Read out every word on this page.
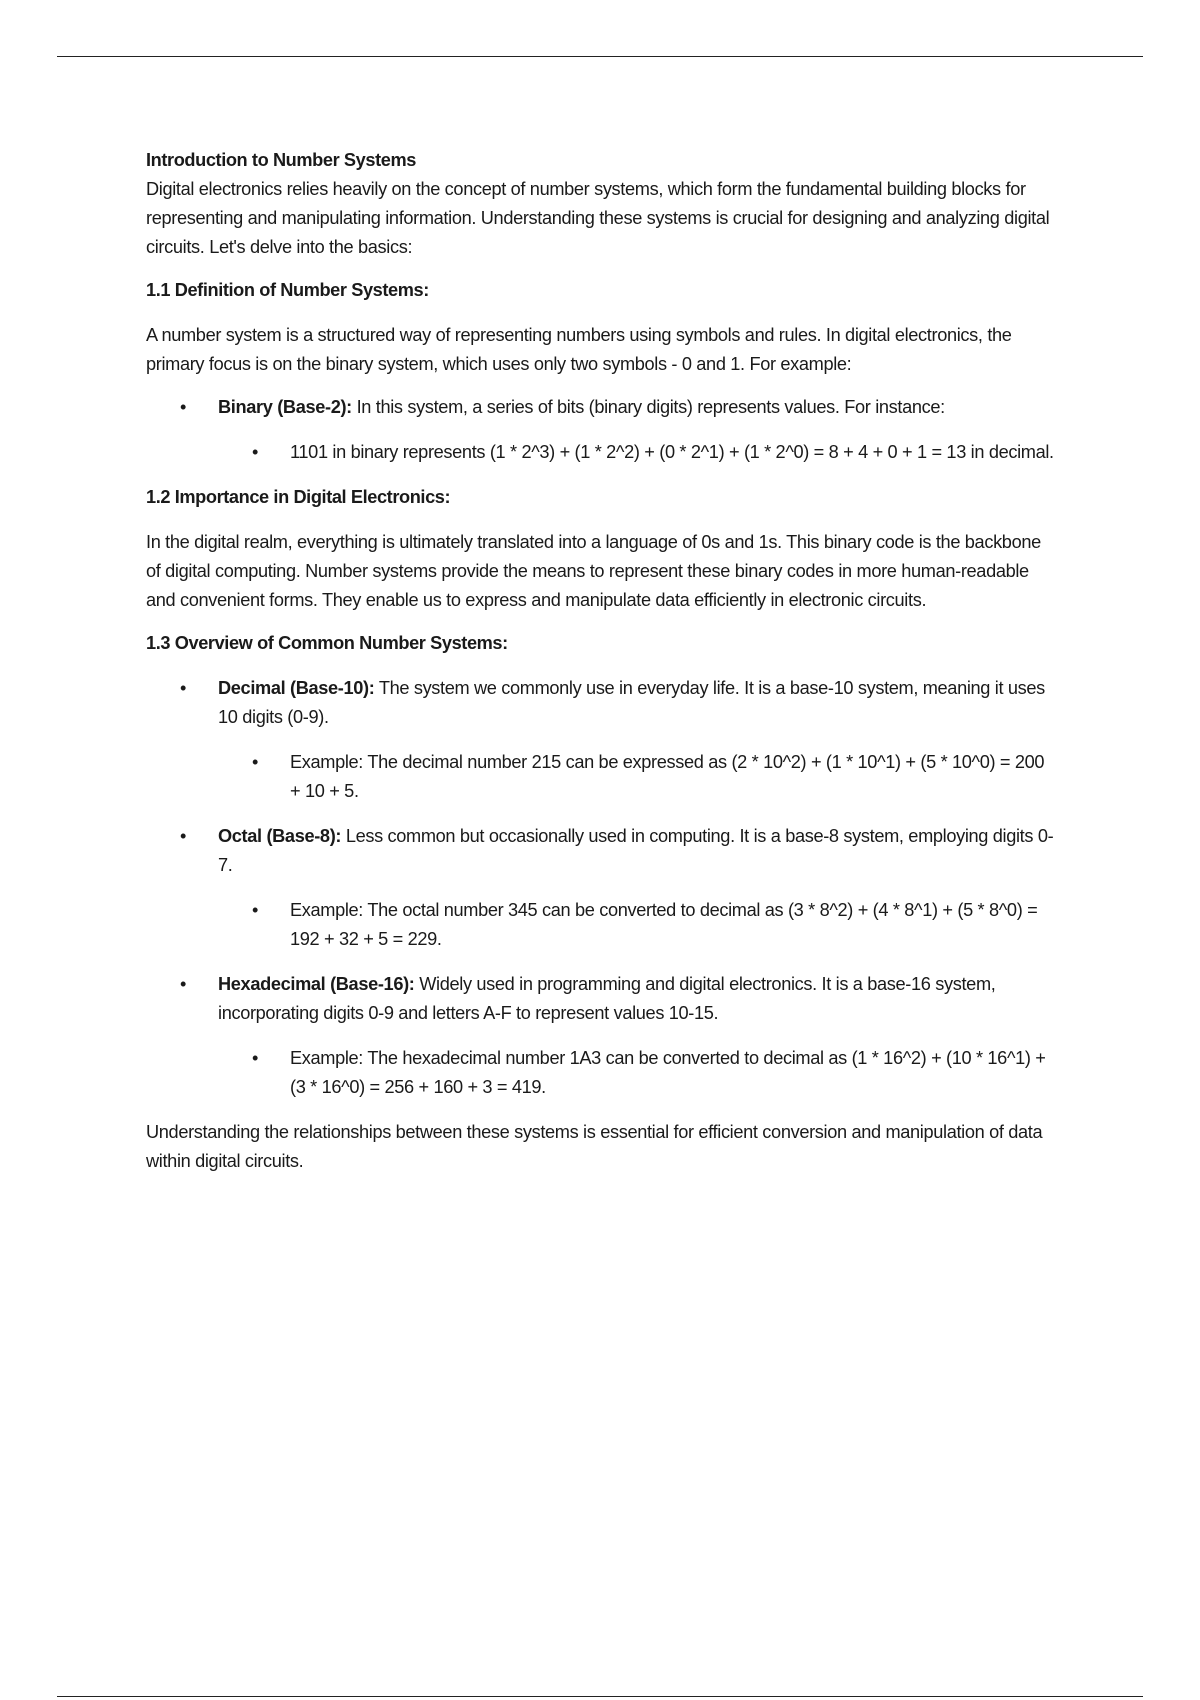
Introduction to Number Systems

Digital electronics relies heavily on the concept of number systems, which form the fundamental building blocks for representing and manipulating information. Understanding these systems is crucial for designing and analyzing digital circuits. Let's delve into the basics:

1.1 Definition of Number Systems:

A number system is a structured way of representing numbers using symbols and rules. In digital electronics, the primary focus is on the binary system, which uses only two symbols - 0 and 1. For example:

• Binary (Base-2): In this system, a series of bits (binary digits) represents values. For instance:
• 1101 in binary represents (1 * 2^3) + (1 * 2^2) + (0 * 2^1) + (1 * 2^0) = 8 + 4 + 0 + 1 = 13 in decimal.

1.2 Importance in Digital Electronics:

In the digital realm, everything is ultimately translated into a language of 0s and 1s. This binary code is the backbone of digital computing. Number systems provide the means to represent these binary codes in more human-readable and convenient forms. They enable us to express and manipulate data efficiently in electronic circuits.

1.3 Overview of Common Number Systems:

• Decimal (Base-10): The system we commonly use in everyday life. It is a base-10 system, meaning it uses 10 digits (0-9).
• Example: The decimal number 215 can be expressed as (2 * 10^2) + (1 * 10^1) + (5 * 10^0) = 200 + 10 + 5.
• Octal (Base-8): Less common but occasionally used in computing. It is a base-8 system, employing digits 0-7.
• Example: The octal number 345 can be converted to decimal as (3 * 8^2) + (4 * 8^1) + (5 * 8^0) = 192 + 32 + 5 = 229.
• Hexadecimal (Base-16): Widely used in programming and digital electronics. It is a base-16 system, incorporating digits 0-9 and letters A-F to represent values 10-15.
• Example: The hexadecimal number 1A3 can be converted to decimal as (1 * 16^2) + (10 * 16^1) + (3 * 16^0) = 256 + 160 + 3 = 419.

Understanding the relationships between these systems is essential for efficient conversion and manipulation of data within digital circuits.
